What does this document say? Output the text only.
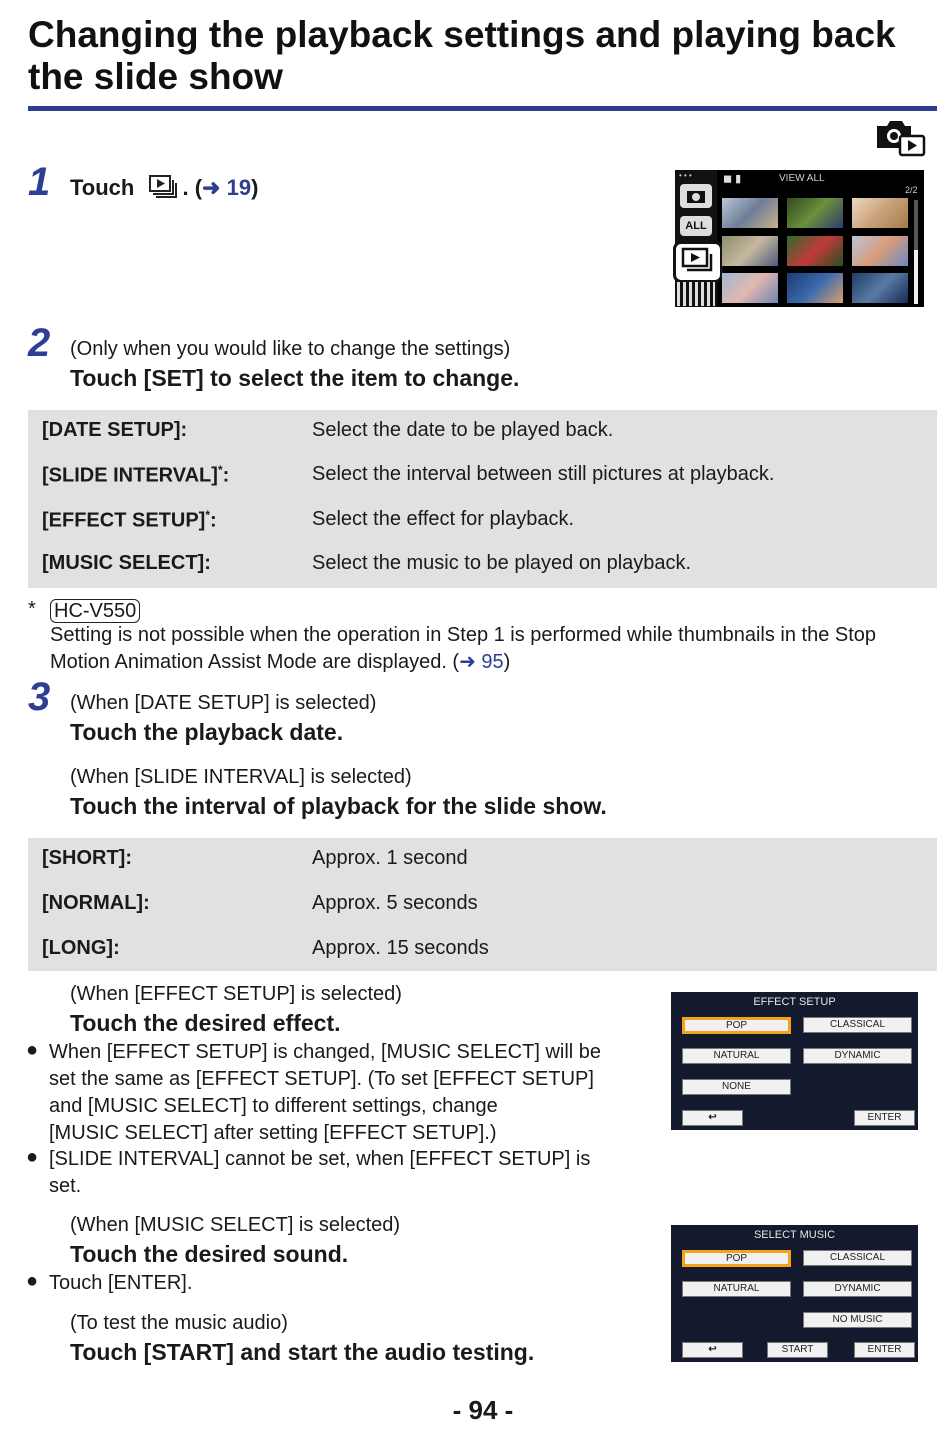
Changing the playback settings and playing back the slide show
1 Touch . (➜ 19)	• • •
ALL
◼ ▮	VIEW ALL
2/2
2 (Only when you would like to change the settings)
Touch [SET] to select the item to change.
[DATE SETUP]:	Select the date to be played back.
[SLIDE INTERVAL]*:	Select the interval between still pictures at playback.
[EFFECT SETUP]*:	Select the effect for playback.
[MUSIC SELECT]:	Select the music to be played on playback.
* HC-V550
Setting is not possible when the operation in Step 1 is performed while thumbnails in the Stop
Motion Animation Assist Mode are displayed. (➜ 95)
3 (When [DATE SETUP] is selected)
Touch the playback date.
(When [SLIDE INTERVAL] is selected)
Touch the interval of playback for the slide show.
[SHORT]:	Approx. 1 second
[NORMAL]:	Approx. 5 seconds
[LONG]:	Approx. 15 seconds
(When [EFFECT SETUP] is selected)
Touch the desired effect.
● When [EFFECT SETUP] is changed, [MUSIC SELECT] will be
set the same as [EFFECT SETUP]. (To set [EFFECT SETUP]
and [MUSIC SELECT] to different settings, change
[MUSIC SELECT] after setting [EFFECT SETUP].)
● [SLIDE INTERVAL] cannot be set, when [EFFECT SETUP] is
set.
EFFECT SETUP
POP	CLASSICAL
NATURAL	DYNAMIC
NONE
↩	ENTER
(When [MUSIC SELECT] is selected)
Touch the desired sound.
● Touch [ENTER].
(To test the music audio)
Touch [START] and start the audio testing.
SELECT MUSIC
POP	CLASSICAL
NATURAL	DYNAMIC
NO MUSIC
↩	START	ENTER
- 94 -
